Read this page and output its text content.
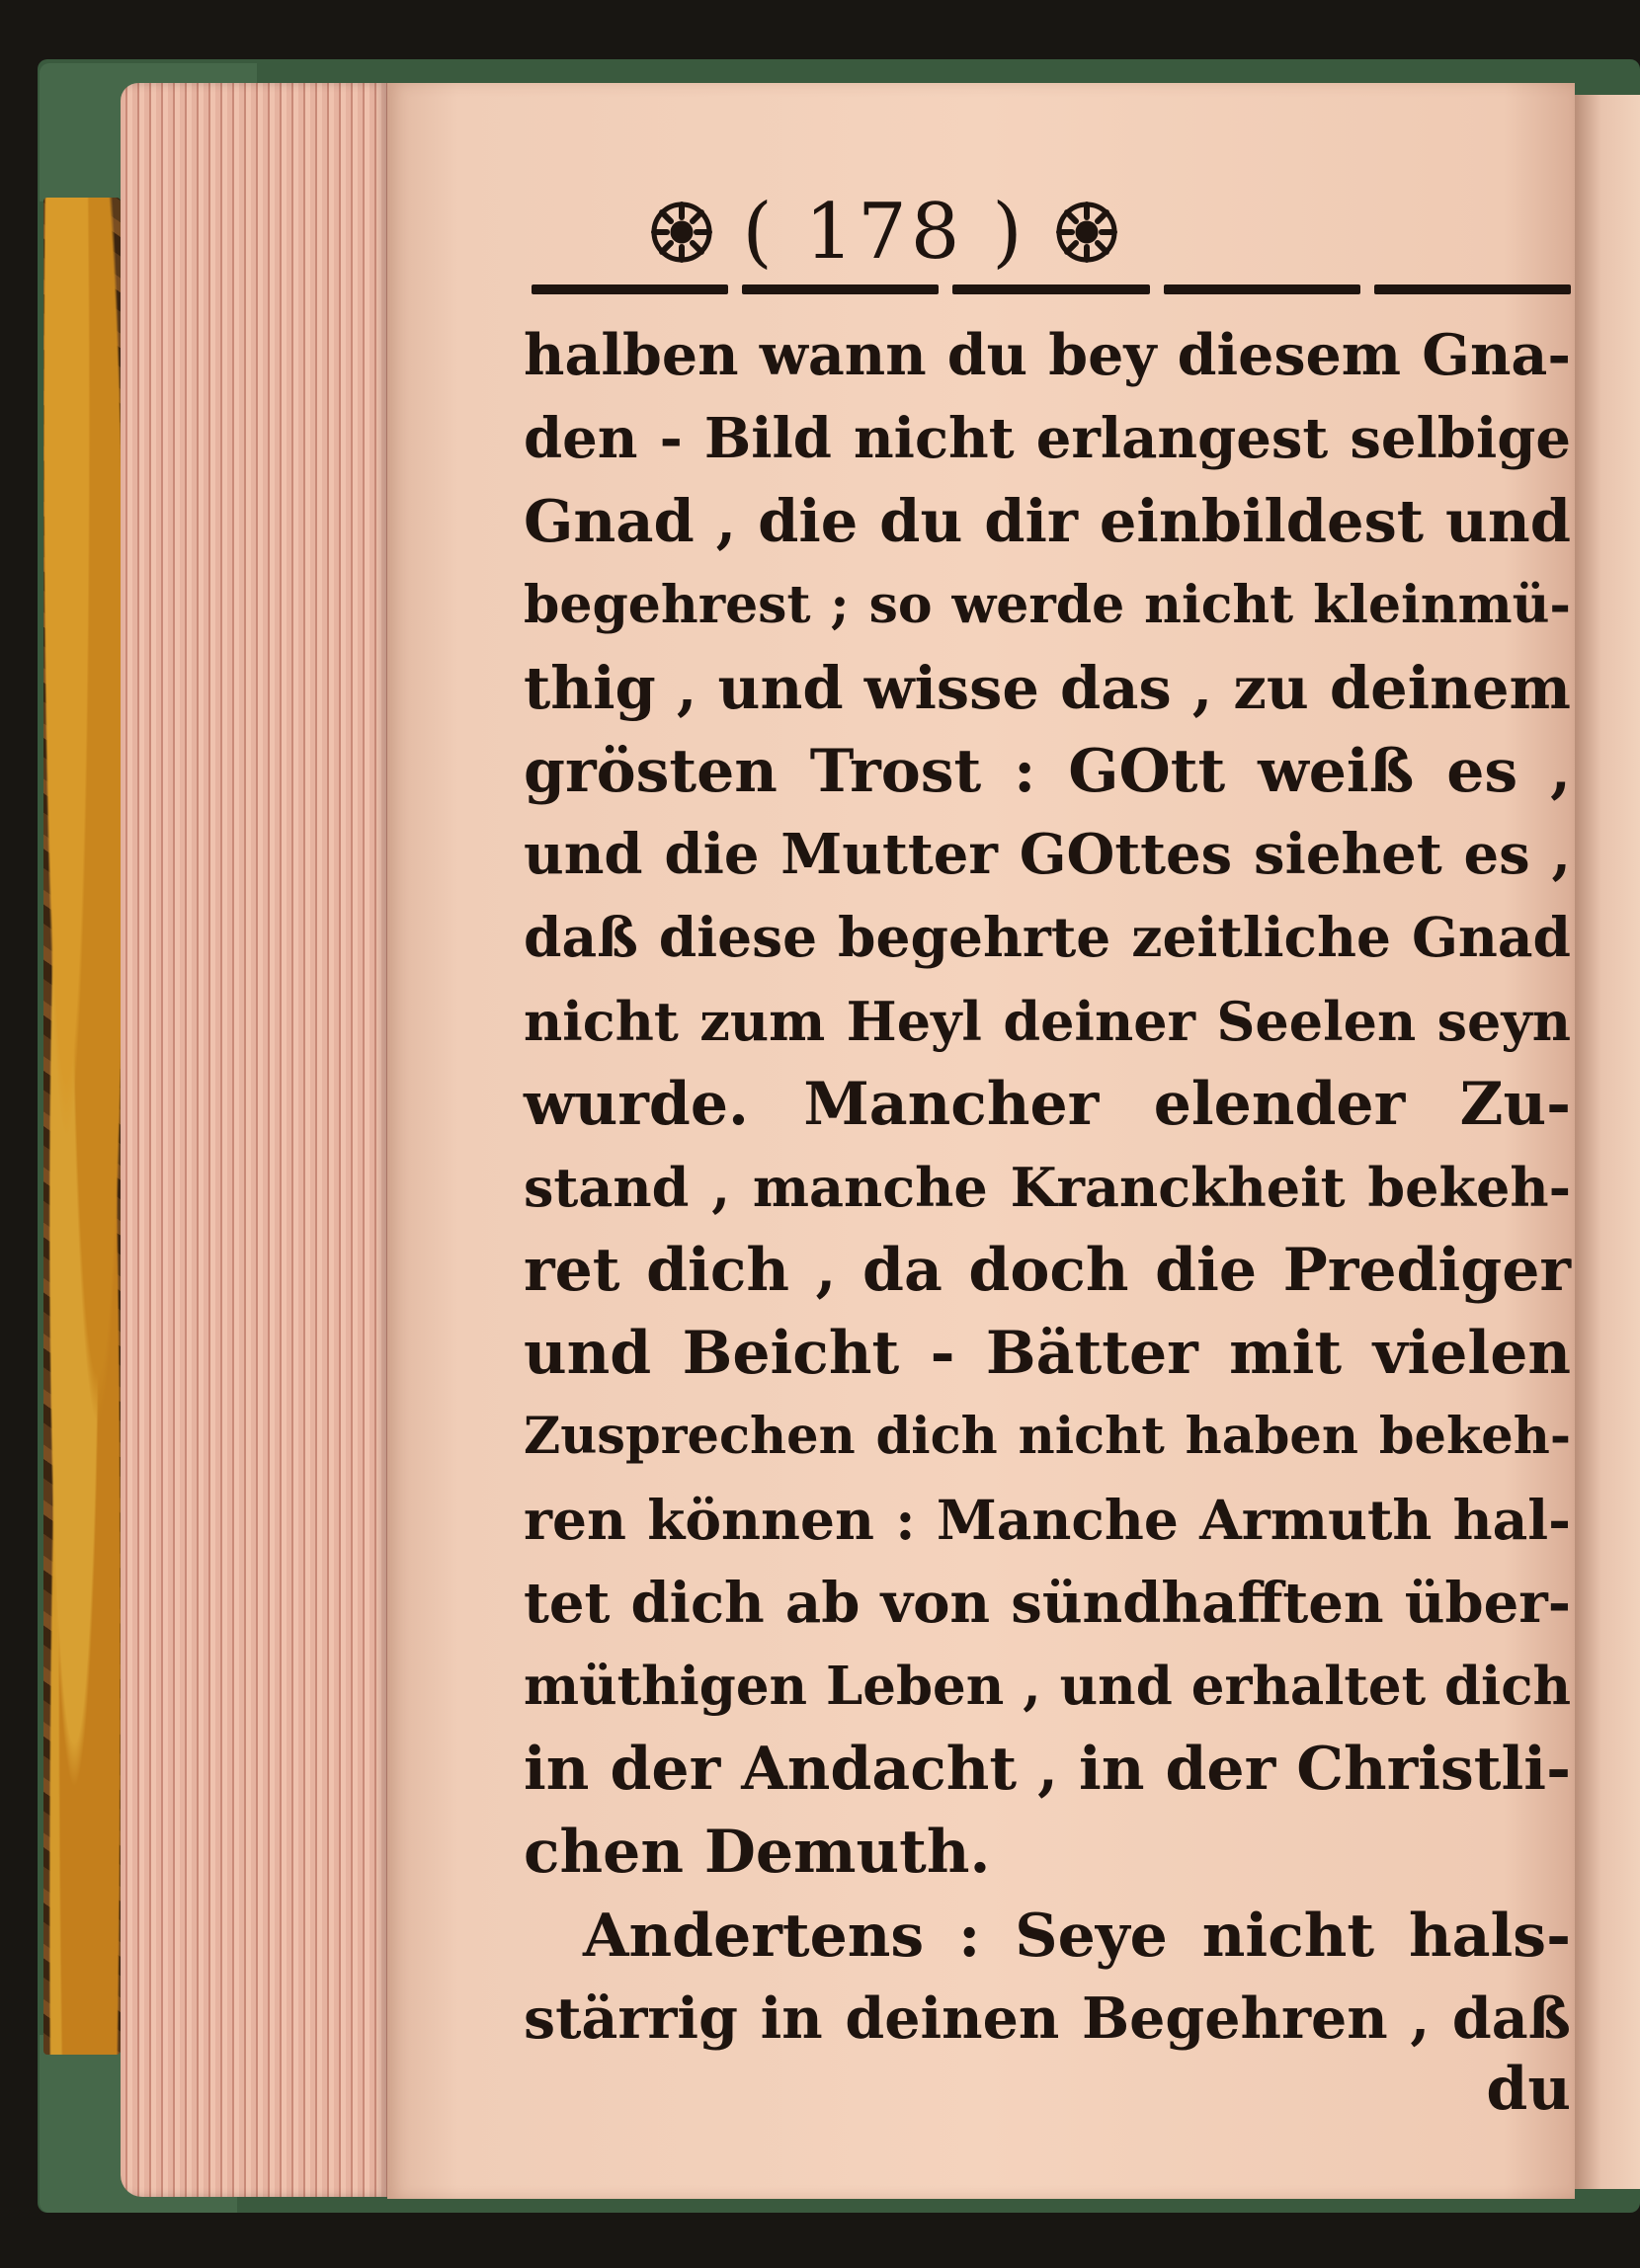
( 178 )
halben wann du bey diesem Gna-
den - Bild nicht erlangest selbige
Gnad , die du dir einbildest und
begehrest ; so werde nicht kleinmü-
thig , und wisse das , zu deinem
grösten Trost : GOtt weiß es ,
und die Mutter GOttes siehet es ,
daß diese begehrte zeitliche Gnad
nicht zum Heyl deiner Seelen seyn
wurde. Mancher elender Zu-
stand , manche Kranckheit bekeh-
ret dich , da doch die Prediger
und Beicht - Bätter mit vielen
Zusprechen dich nicht haben bekeh-
ren können : Manche Armuth hal-
tet dich ab von sündhafften über-
müthigen Leben , und erhaltet dich
in der Andacht , in der Christli-
chen Demuth.
Andertens : Seye nicht hals-
stärrig in deinen Begehren , daß
du
